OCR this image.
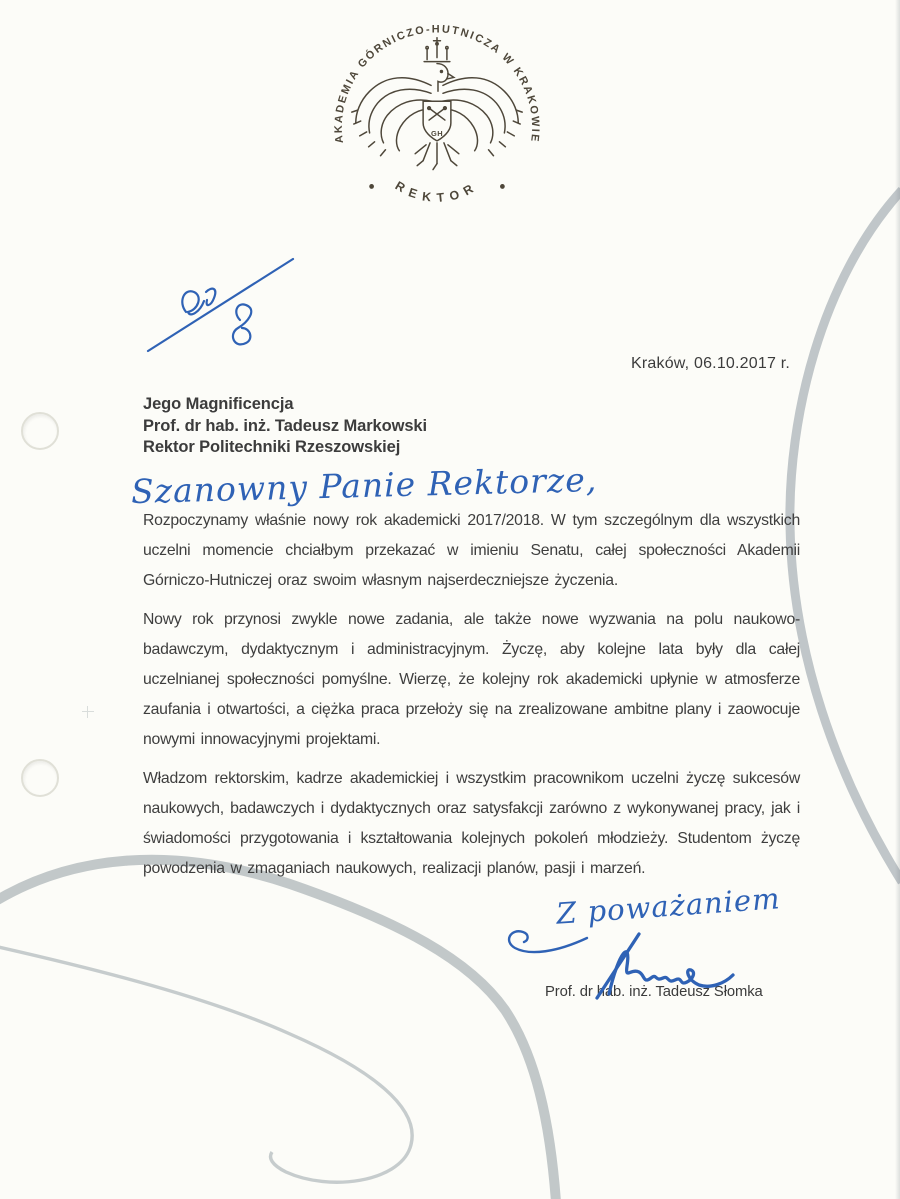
AKADEMIA GÓRNICZO-HUTNICZA W KRAKOWIE
REKTOR
GH
Kraków, 06.10.2017 r.
Jego Magnificencja
Prof. dr hab. inż. Tadeusz Markowski
Rektor Politechniki Rzeszowskiej
Szanowny Panie Rektorze,

Rozpoczynamy właśnie nowy rok akademicki 2017/2018. W tym szczególnym dla wszystkich uczelni momencie chciałbym przekazać w imieniu Senatu, całej społeczności Akademii Górniczo-Hutniczej oraz swoim własnym najserdeczniejsze życzenia.

Nowy rok przynosi zwykle nowe zadania, ale także nowe wyzwania na polu naukowo-badawczym, dydaktycznym i administracyjnym. Życzę, aby kolejne lata były dla całej uczelnianej społeczności pomyślne. Wierzę, że kolejny rok akademicki upłynie w atmosferze zaufania i otwartości, a ciężka praca przełoży się na zrealizowane ambitne plany i zaowocuje nowymi innowacyjnymi projektami.

Władzom rektorskim, kadrze akademickiej i wszystkim pracownikom uczelni życzę sukcesów naukowych, badawczych i dydaktycznych oraz satysfakcji zarówno z wykonywanej pracy, jak i świadomości przygotowania i kształtowania kolejnych pokoleń młodzieży. Studentom życzę powodzenia w zmaganiach naukowych, realizacji planów, pasji i marzeń.

Z poważaniem
Prof. dr hab. inż. Tadeusz Słomka
